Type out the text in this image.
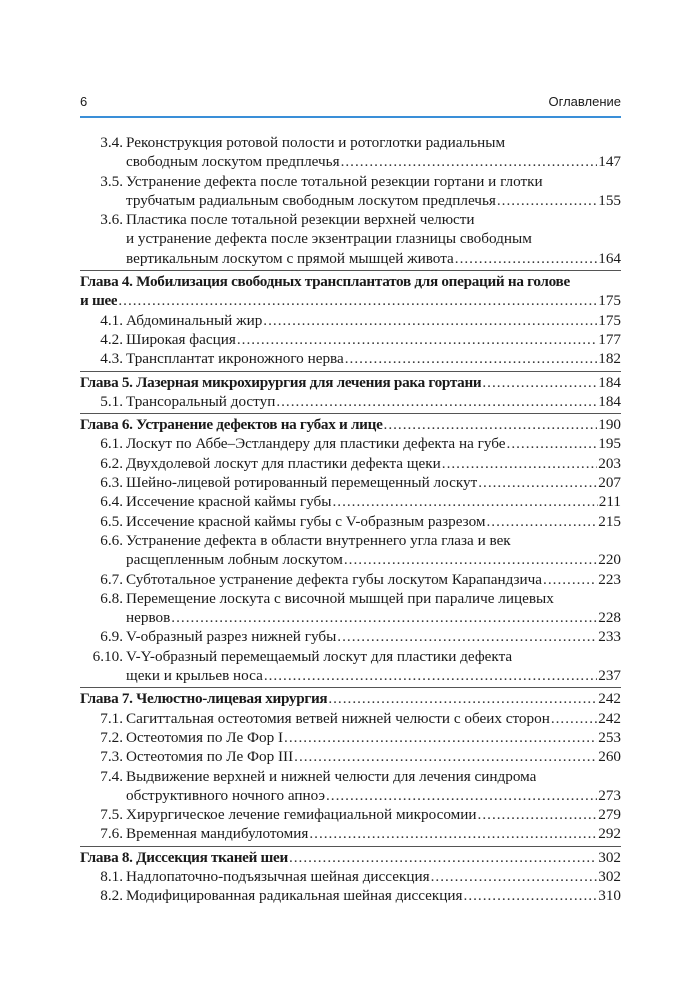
6	Оглавление
3.4. Реконструкция ротовой полости и ротоглотки радиальным
свободным лоскутом предплечья .....	147
3.5. Устранение дефекта после тотальной резекции гортани и глотки
трубчатым радиальным свободным лоскутом предплечья .....	155
3.6. Пластика после тотальной резекции верхней челюсти
и устранение дефекта после экзентрации глазницы свободным
вертикальным лоскутом с прямой мышцей живота .....	164
Глава 4. Мобилизация свободных трансплантатов для операций на голове
и шее .....	175
4.1. Абдоминальный жир .....	175
4.2. Широкая фасция .....	177
4.3. Трансплантат икроножного нерва .....	182
Глава 5. Лазерная микрохирургия для лечения рака гортани .....	184
5.1. Трансоральный доступ .....	184
Глава 6. Устранение дефектов на губах и лице .....	190
6.1. Лоскут по Аббе–Эстландеру для пластики дефекта на губе .....	195
6.2. Двухдолевой лоскут для пластики дефекта щеки .....	203
6.3. Шейно-лицевой ротированный перемещенный лоскут .....	207
6.4. Иссечение красной каймы губы .....	211
6.5. Иссечение красной каймы губы с V-образным разрезом .....	215
6.6. Устранение дефекта в области внутреннего угла глаза и век
расщепленным лобным лоскутом .....	220
6.7. Субтотальное устранение дефекта губы лоскутом Карапандзича .....	223
6.8. Перемещение лоскута с височной мышцей при параличе лицевых
нервов .....	228
6.9. V-образный разрез нижней губы .....	233
6.10. V-Y-образный перемещаемый лоскут для пластики дефекта
щеки и крыльев носа .....	237
Глава 7. Челюстно-лицевая хирургия .....	242
7.1. Сагиттальная остеотомия ветвей нижней челюсти с обеих сторон .....	242
7.2. Остеотомия по Ле Фор I .....	253
7.3. Остеотомия по Ле Фор III .....	260
7.4. Выдвижение верхней и нижней челюсти для лечения синдрома
обструктивного ночного апноэ .....	273
7.5. Хирургическое лечение гемифациальной микросомии .....	279
7.6. Временная мандибулотомия .....	292
Глава 8. Диссекция тканей шеи .....	302
8.1. Надлопаточно-подъязычная шейная диссекция .....	302
8.2. Модифицированная радикальная шейная диссекция .....	310
